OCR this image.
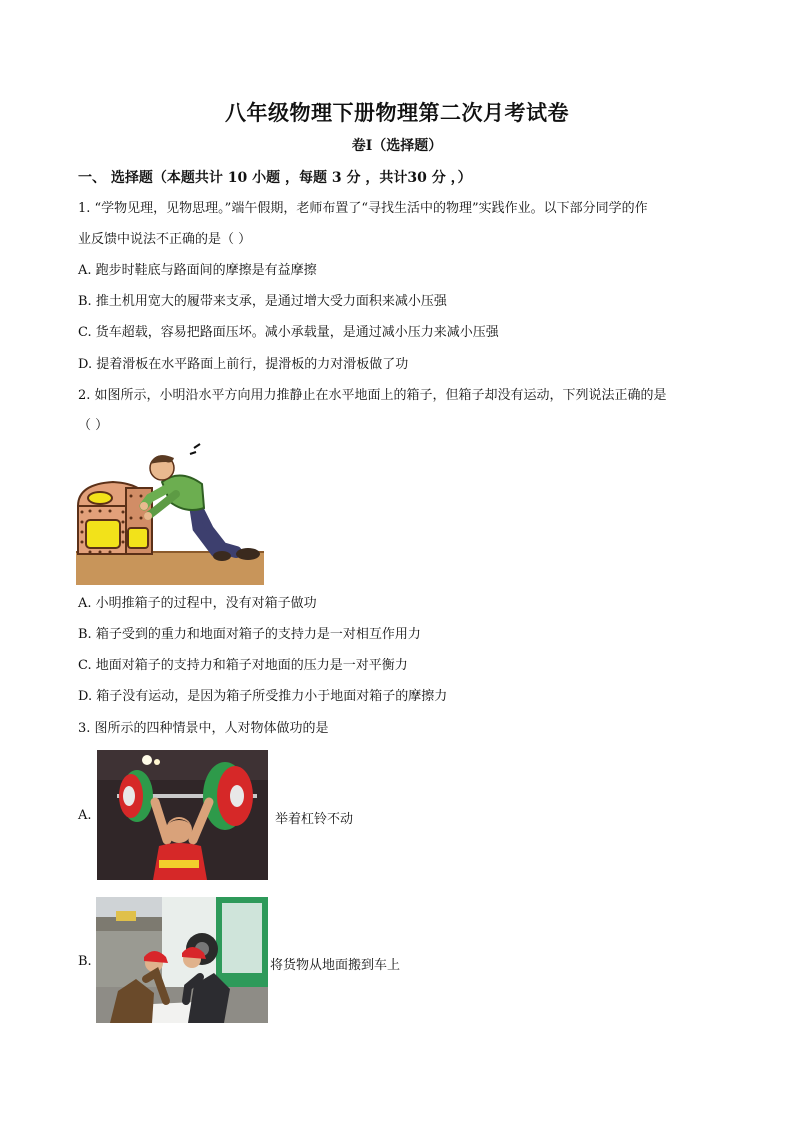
八年级物理下册物理第二次月考试卷
卷I（选择题）
一、 选择题（本题共计 10 小题 ，每题 3 分 ，共计30 分 ，）
1. “学物见理，见物思理。”端午假期，老师布置了“寻找生活中的物理”实践作业。以下部分同学的作
业反馈中说法不正确的是（ ）
A. 跑步时鞋底与路面间的摩擦是有益摩擦
B. 推土机用宽大的履带来支承，是通过增大受力面积来减小压强
C. 货车超载，容易把路面压坏。减小承载量，是通过减小压力来减小压强
D. 提着滑板在水平路面上前行，提滑板的力对滑板做了功
2. 如图所示，小明沿水平方向用力推静止在水平地面上的箱子，但箱子却没有运动，下列说法正确的是
（ ）
A. 小明推箱子的过程中，没有对箱子做功
B. 箱子受到的重力和地面对箱子的支持力是一对相互作用力
C. 地面对箱子的支持力和箱子对地面的压力是一对平衡力
D. 箱子没有运动，是因为箱子所受推力小于地面对箱子的摩擦力
3. 图所示的四种情景中，人对物体做功的是
A.	举着杠铃不动
B.	将货物从地面搬到车上
